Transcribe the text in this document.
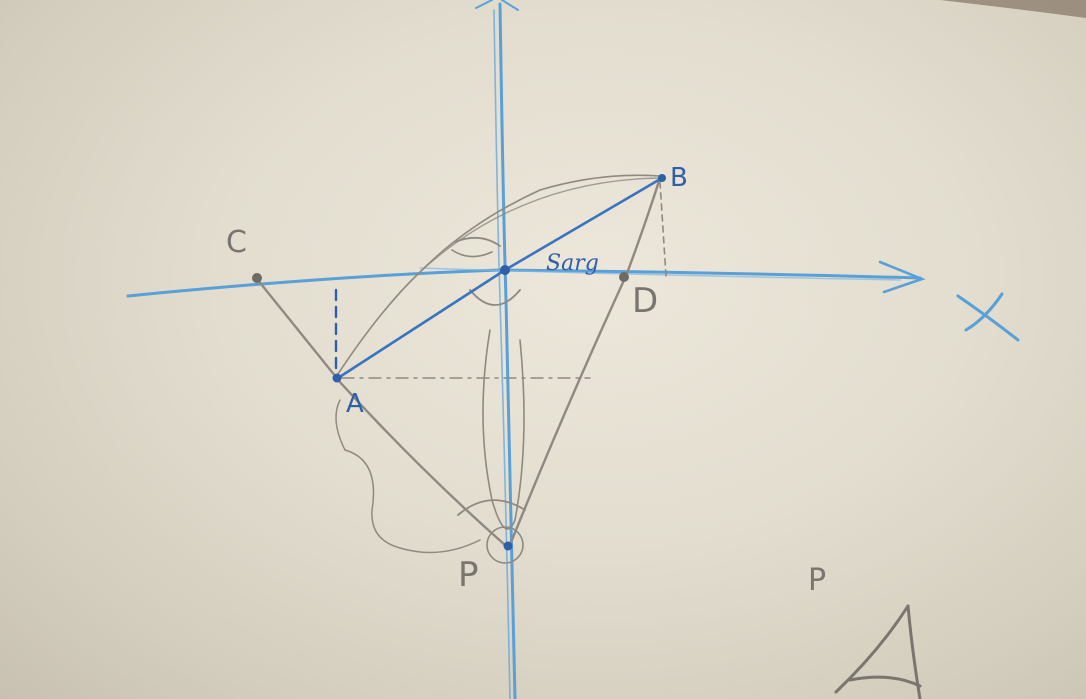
X
C
A
B
D
P
Sarg
P
